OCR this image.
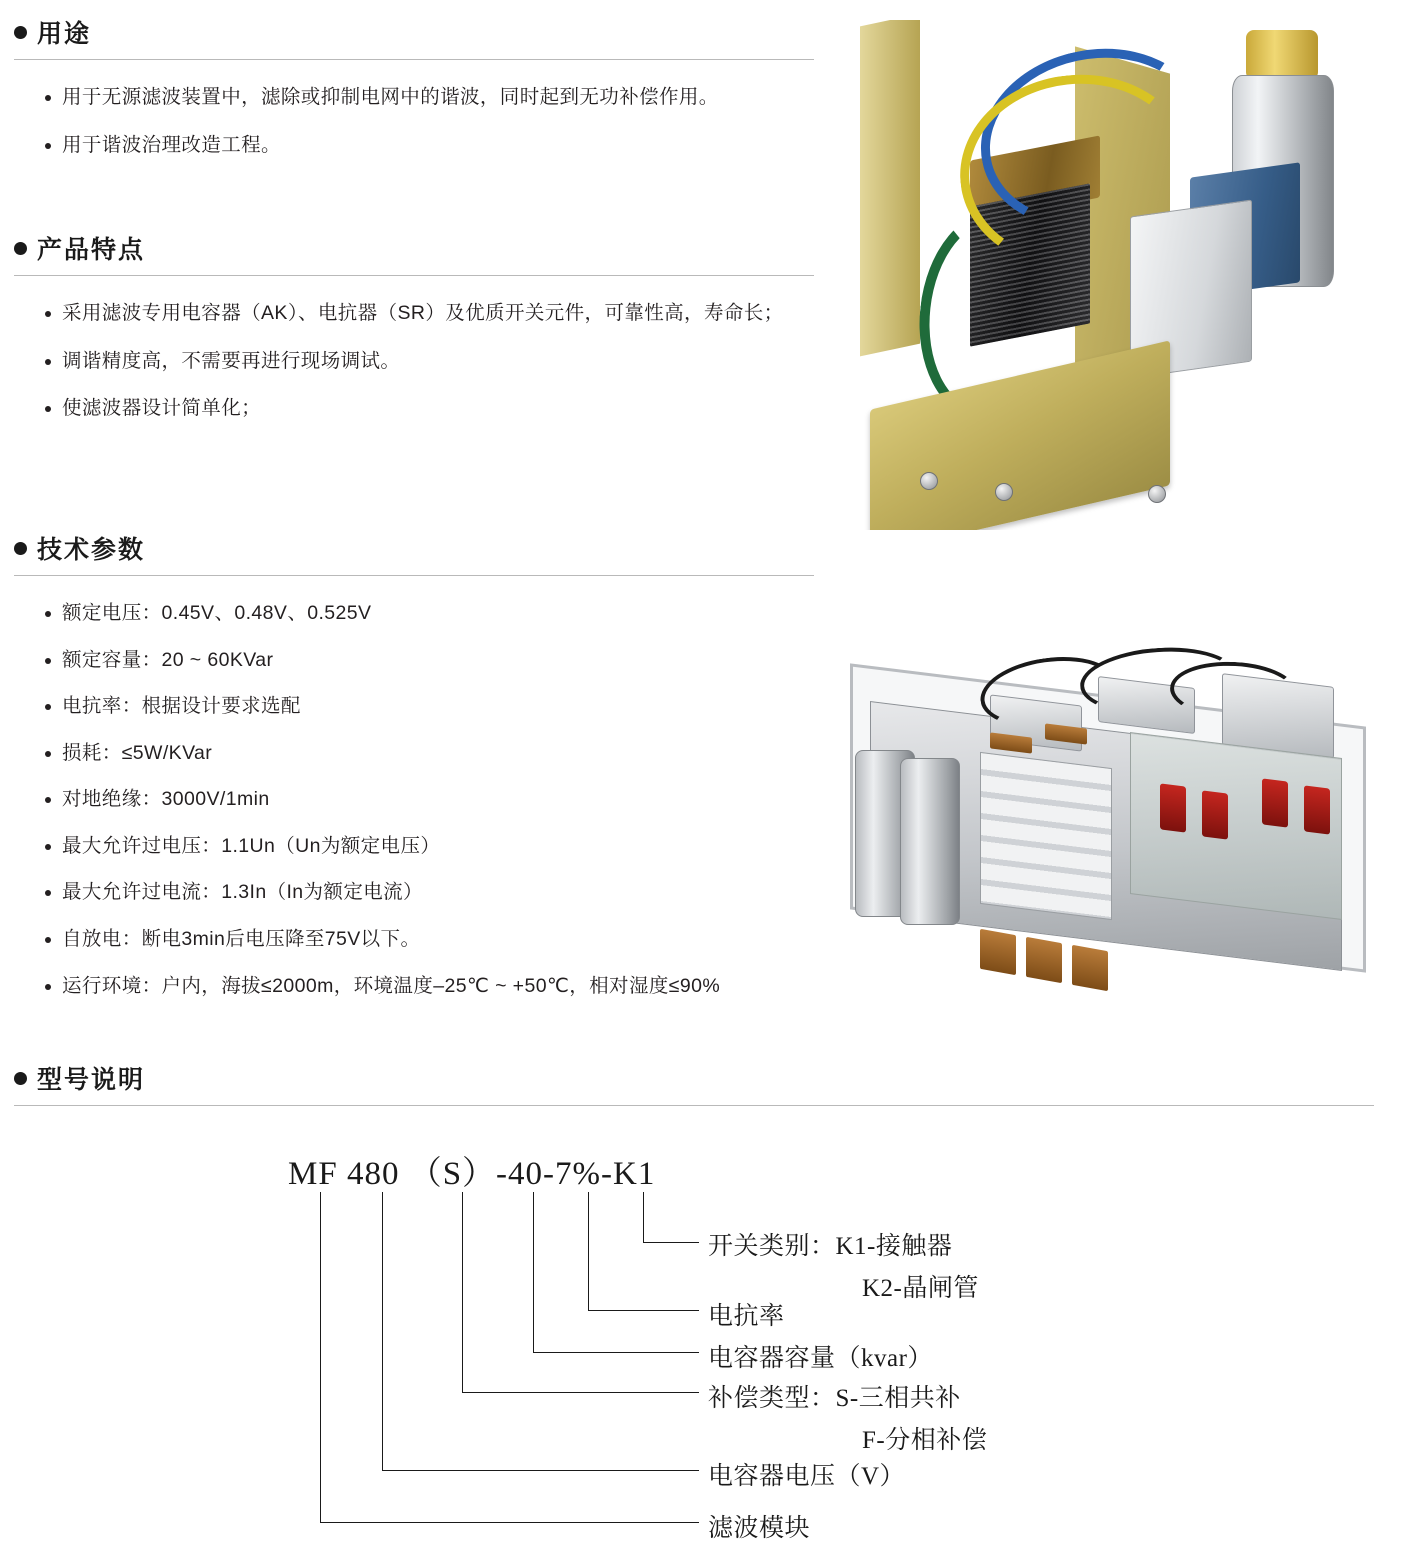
用途
用于无源滤波装置中，滤除或抑制电网中的谐波，同时起到无功补偿作用。
用于谐波治理改造工程。
产品特点
采用滤波专用电容器（AK）、电抗器（SR）及优质开关元件，可靠性高，寿命长；
调谐精度高，不需要再进行现场调试。
使滤波器设计简单化；
技术参数
额定电压：0.45V、0.48V、0.525V
额定容量：20 ~ 60KVar
电抗率：根据设计要求选配
损耗：≤5W/KVar
对地绝缘：3000V/1min
最大允许过电压：1.1Un（Un为额定电压）
最大允许过电流：1.3In（In为额定电流）
自放电：断电3min后电压降至75V以下。
运行环境：户内，海拔≤2000m，环境温度–25℃ ~ +50℃，相对湿度≤90%
型号说明
MF 480 （S）-40-7%-K1
开关类别：K1-接触器
K2-晶闸管
电抗率
电容器容量（kvar）
补偿类型：S-三相共补
F-分相补偿
电容器电压（V）
滤波模块
